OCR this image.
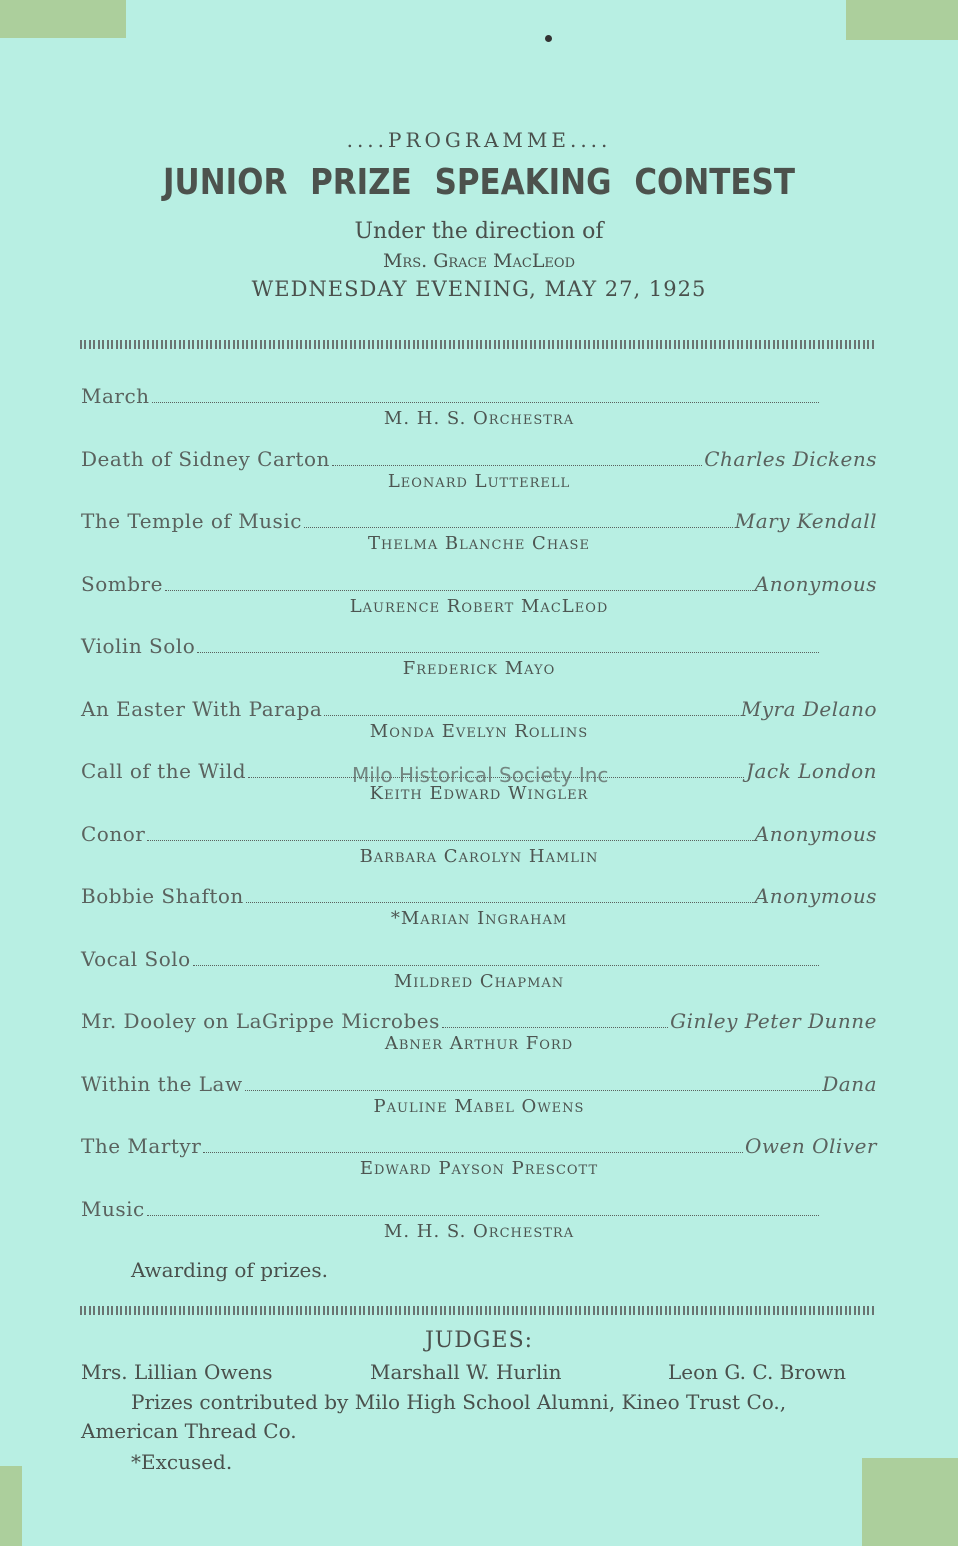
....PROGRAMME....
JUNIOR PRIZE SPEAKING CONTEST
Under the direction of
Mrs. Grace MacLeod
WEDNESDAY EVENING, MAY 27, 1925
March
M. H. S. Orchestra
Death of Sidney Carton	Charles Dickens
Leonard Lutterell
The Temple of Music	Mary Kendall
Thelma Blanche Chase
Sombre	Anonymous
Laurence Robert MacLeod
Violin Solo
Frederick Mayo
An Easter With Parapa	Myra Delano
Monda Evelyn Rollins
Call of the Wild	Jack London
Keith Edward Wingler
Conor	Anonymous
Barbara Carolyn Hamlin
Bobbie Shafton	Anonymous
*Marian Ingraham
Vocal Solo
Mildred Chapman
Mr. Dooley on LaGrippe Microbes	Ginley Peter Dunne
Abner Arthur Ford
Within the Law	Dana
Pauline Mabel Owens
The Martyr	Owen Oliver
Edward Payson Prescott
Music
M. H. S. Orchestra
Milo Historical Society Inc
Awarding of prizes.
JUDGES:
Mrs. Lillian Owens	Marshall W. Hurlin	Leon G. C. Brown
Prizes contributed by Milo High School Alumni, Kineo Trust Co., American Thread Co.
*Excused.
